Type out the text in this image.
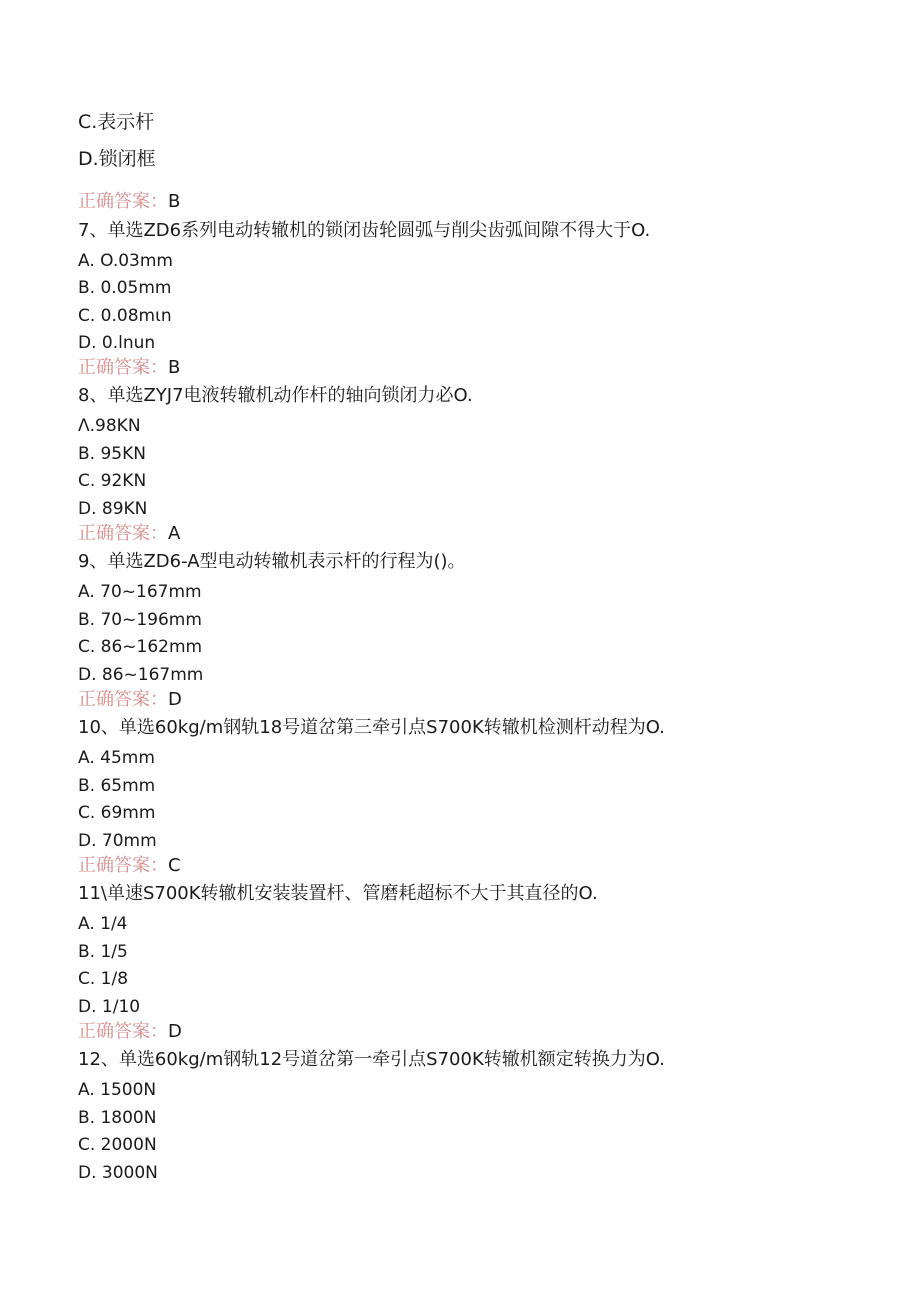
C.表示杆
D.锁闭框
正确答案：B
7、单选ZD6系列电动转辙机的锁闭齿轮圆弧与削尖齿弧间隙不得大于O.
A. O.03mm
B. 0.05mm
C. 0.08mιn
D. 0.lnun
正确答案：B
8、单选ZYJ7电液转辙机动作杆的轴向锁闭力必O.
Λ.98KN
B. 95KN
C. 92KN
D. 89KN
正确答案：A
9、单选ZD6-A型电动转辙机表示杆的行程为()。
A. 70~167mm
B. 70~196mm
C. 86~162mm
D. 86~167mm
正确答案：D
10、单选60kg∕m钢轨18号道岔第三牵引点S700K转辙机检测杆动程为O.
A. 45mm
B. 65mm
C. 69mm
D. 70mm
正确答案：C
11\单速S700K转辙机安装装置杆、管磨耗超标不大于其直径的O.
A. 1/4
B. 1/5
C. 1/8
D. 1/10
正确答案：D
12、单选60kg∕m钢轨12号道岔第一牵引点S700K转辙机额定转换力为O.
A. 1500N
B. 1800N
C. 2000N
D. 3000N
